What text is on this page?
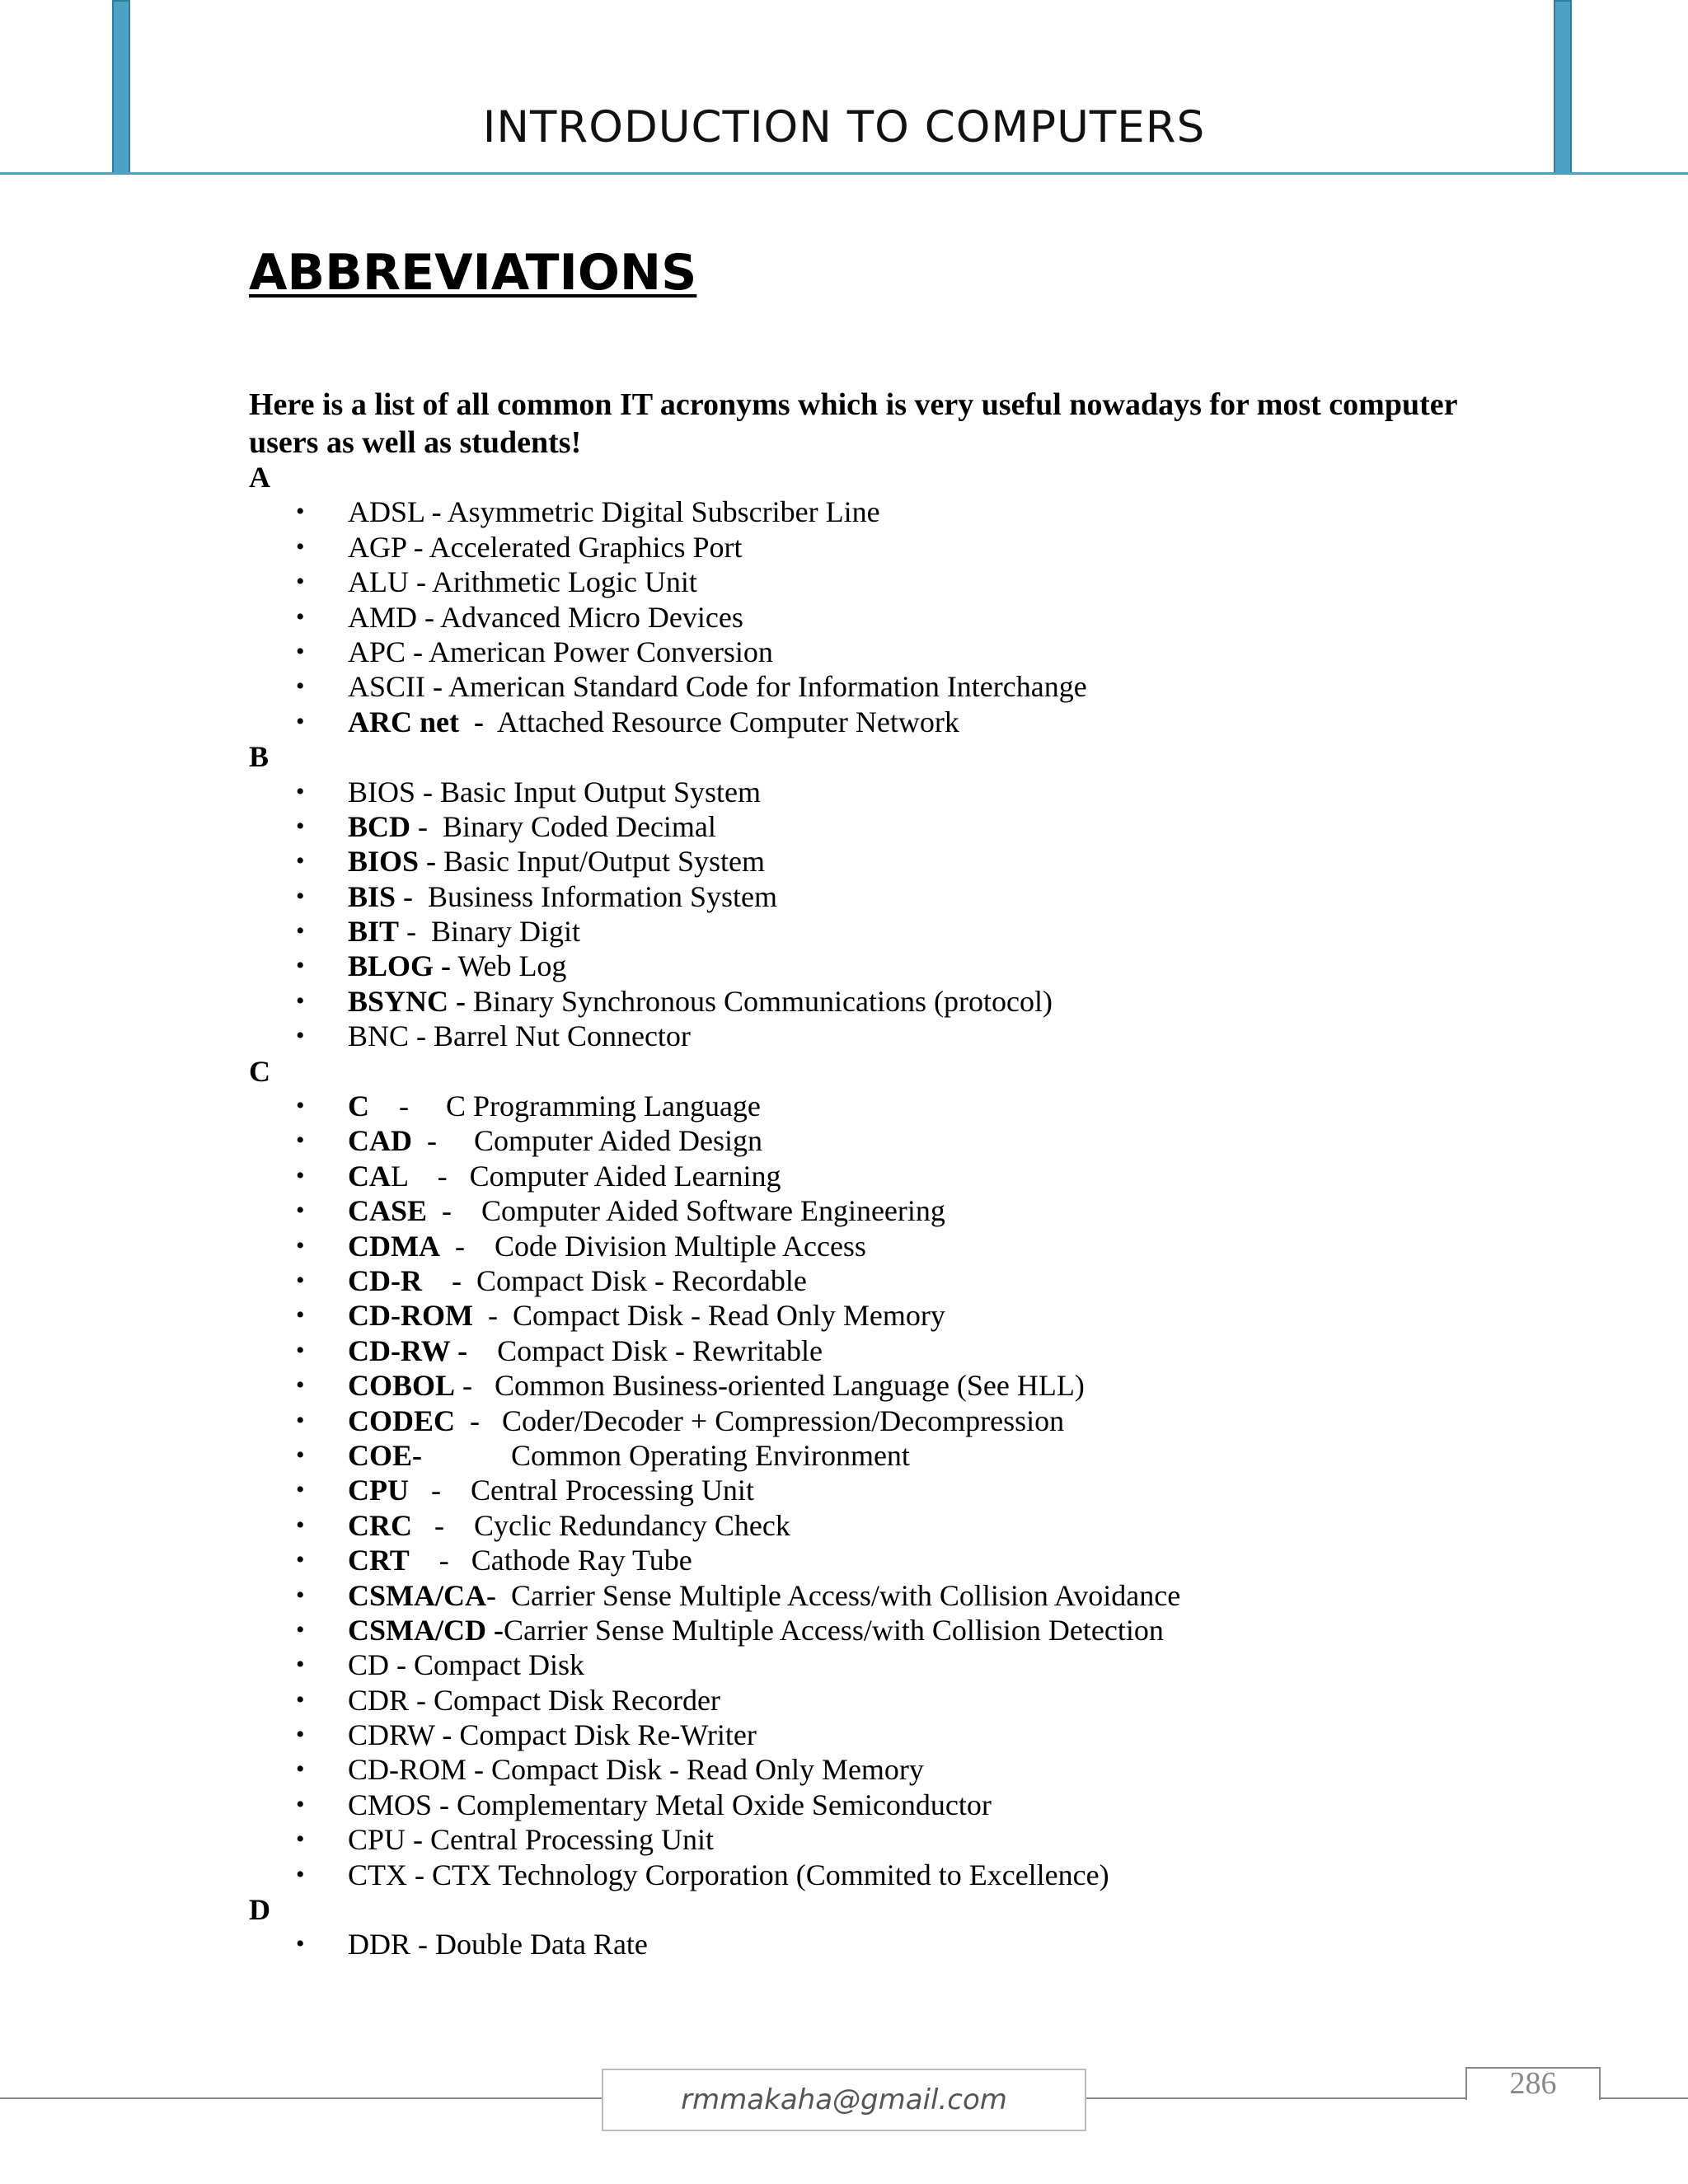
INTRODUCTION TO COMPUTERS
ABBREVIATIONS

Here is a list of all common IT acronyms which is very useful nowadays for most computer users as well as students!

A
• ADSL - Asymmetric Digital Subscriber Line
• AGP - Accelerated Graphics Port
• ALU - Arithmetic Logic Unit
• AMD - Advanced Micro Devices
• APC - American Power Conversion
• ASCII - American Standard Code for Information Interchange
• ARC net  -  Attached Resource Computer Network
B
• BIOS - Basic Input Output System
• BCD -  Binary Coded Decimal
• BIOS - Basic Input/Output System
• BIS -  Business Information System
• BIT -  Binary Digit
• BLOG - Web Log
• BSYNC - Binary Synchronous Communications (protocol)
• BNC - Barrel Nut Connector
C
• C    -     C Programming Language
• CAD  -     Computer Aided Design
• CAL    -   Computer Aided Learning
• CASE  -    Computer Aided Software Engineering
• CDMA  -    Code Division Multiple Access
• CD-R    -  Compact Disk - Recordable
• CD-ROM  -  Compact Disk - Read Only Memory
• CD-RW -    Compact Disk - Rewritable
• COBOL -   Common Business-oriented Language (See HLL)
• CODEC  -   Coder/Decoder + Compression/Decompression
• COE-            Common Operating Environment
• CPU   -    Central Processing Unit
• CRC   -    Cyclic Redundancy Check
• CRT    -   Cathode Ray Tube
• CSMA/CA-  Carrier Sense Multiple Access/with Collision Avoidance
• CSMA/CD -Carrier Sense Multiple Access/with Collision Detection
• CD - Compact Disk
• CDR - Compact Disk Recorder
• CDRW - Compact Disk Re-Writer
• CD-ROM - Compact Disk - Read Only Memory
• CMOS - Complementary Metal Oxide Semiconductor
• CPU - Central Processing Unit
• CTX - CTX Technology Corporation (Commited to Excellence)
D
• DDR - Double Data Rate
rmmakaha@gmail.com	286
